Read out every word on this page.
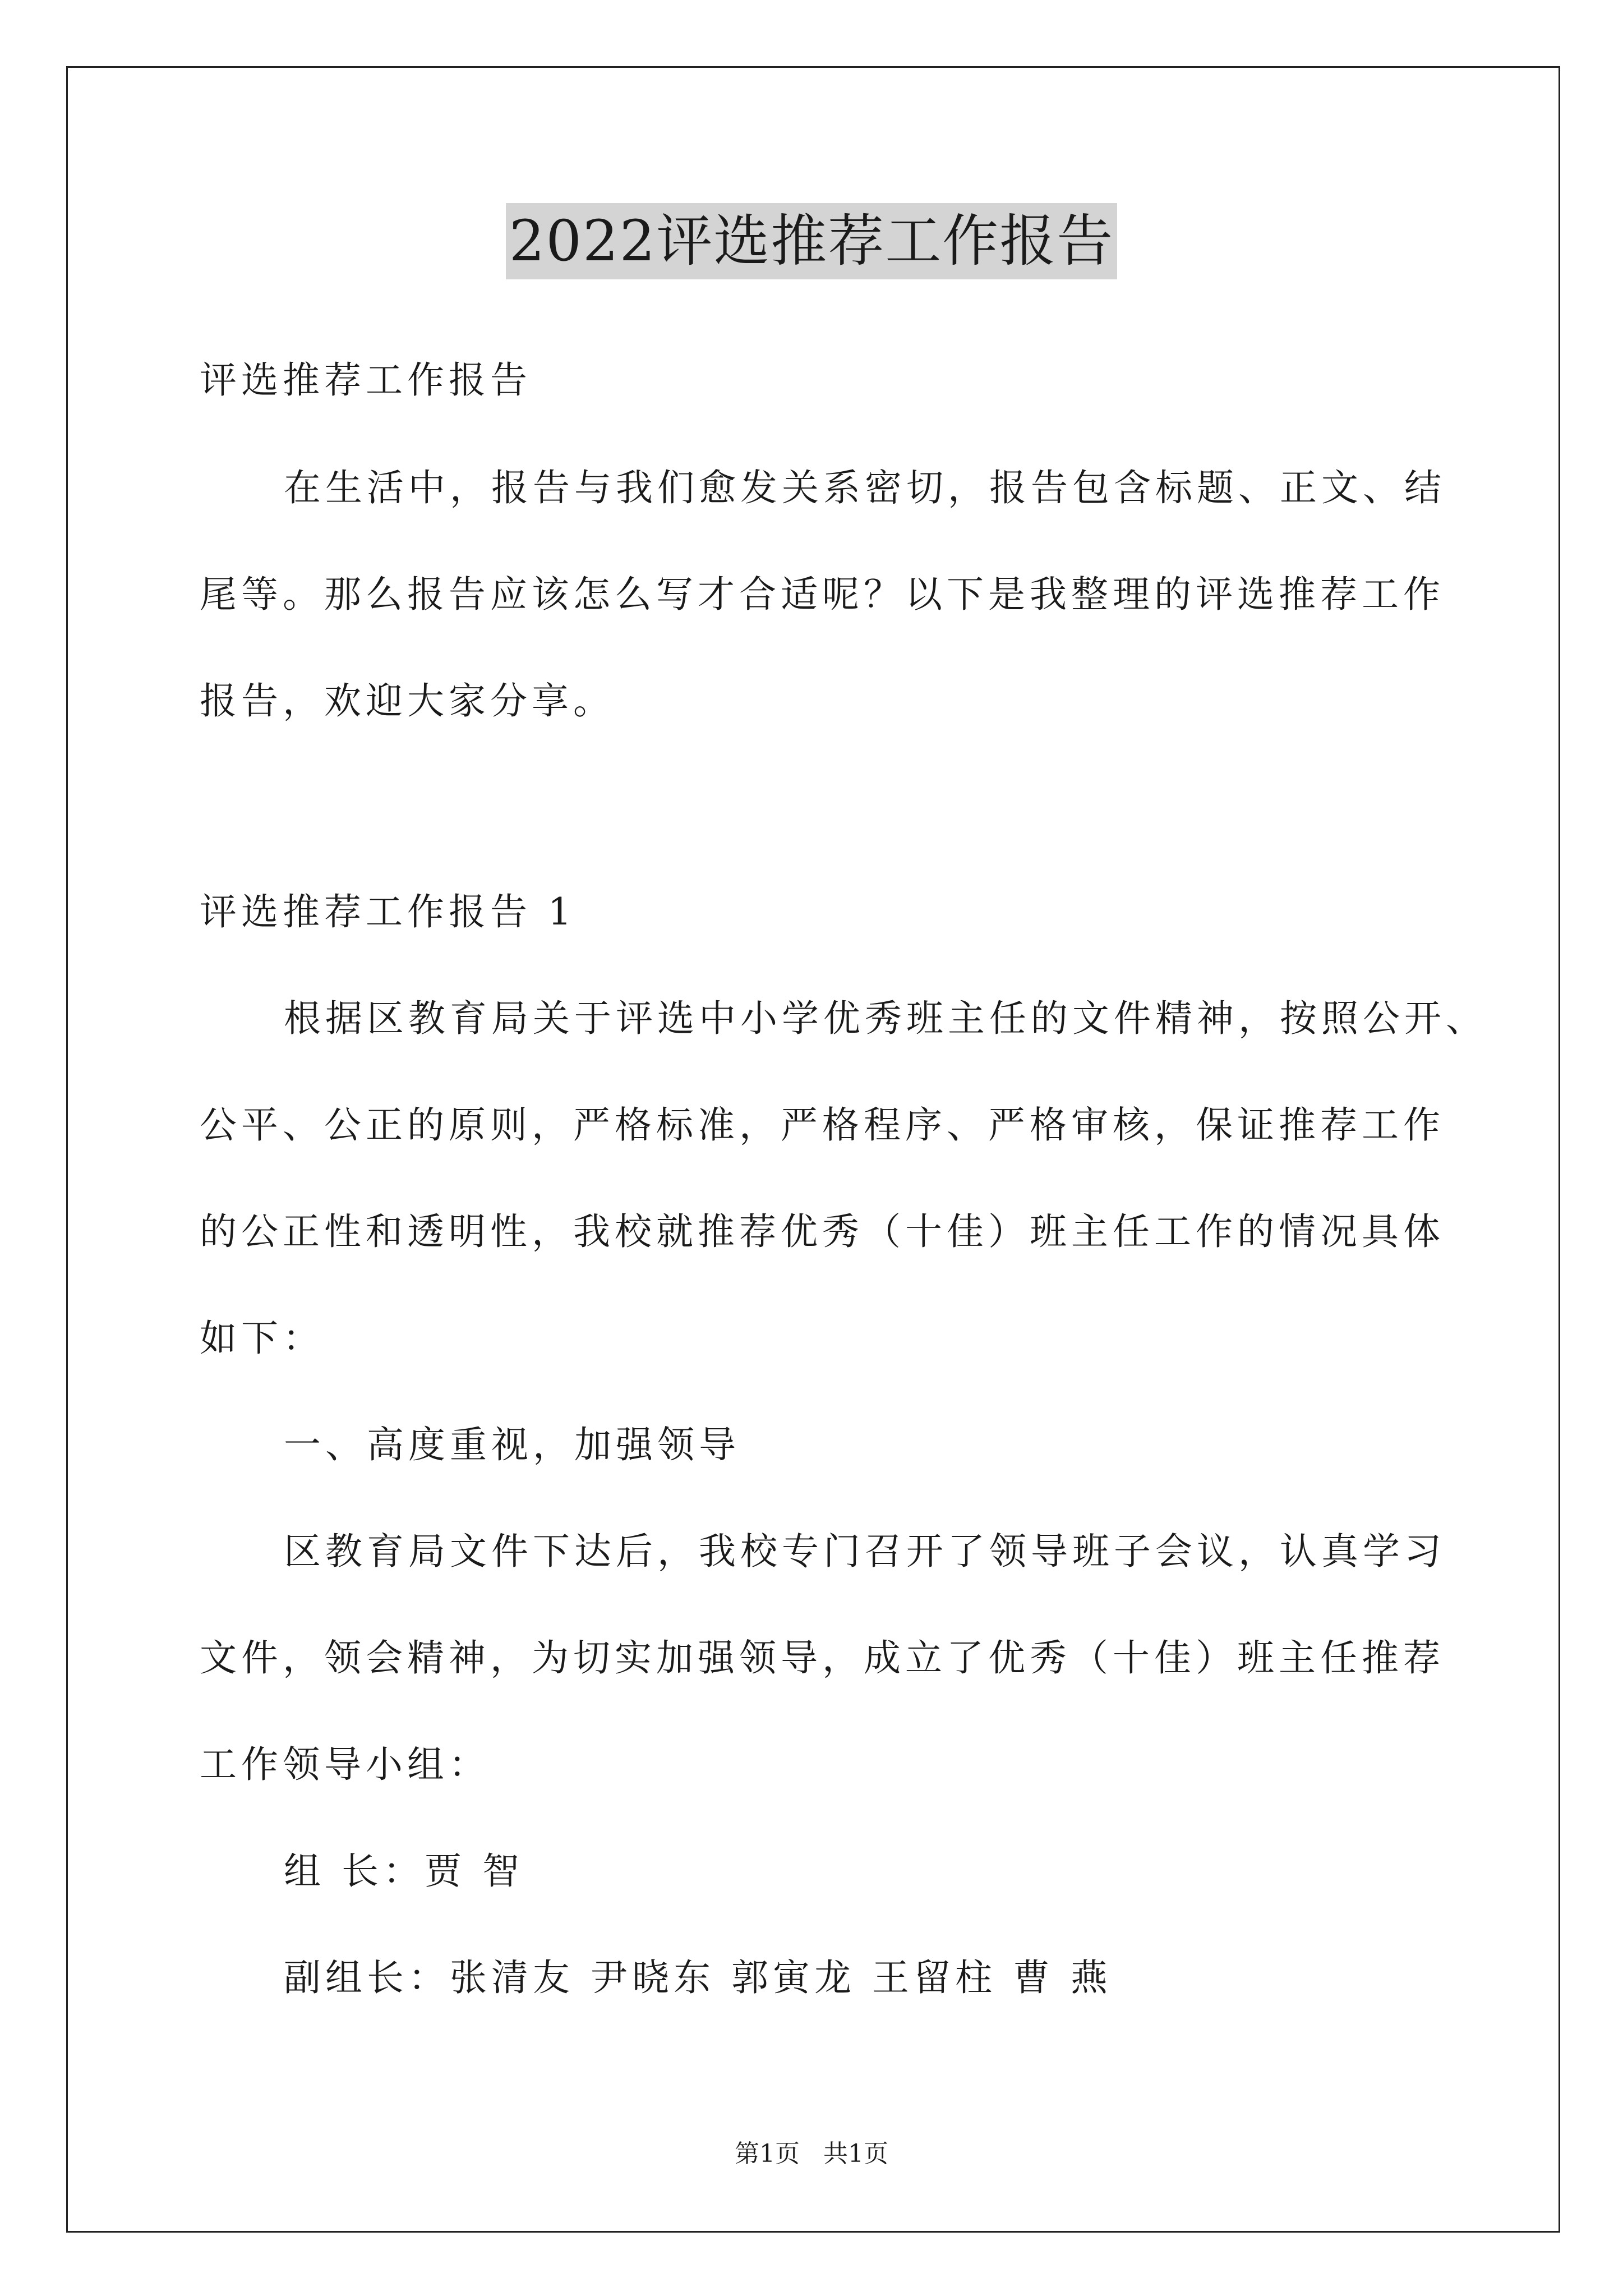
2022评选推荐工作报告

评选推荐工作报告

在生活中，报告与我们愈发关系密切，报告包含标题、正文、结

尾等。那么报告应该怎么写才合适呢？以下是我整理的评选推荐工作

报告，欢迎大家分享。

评选推荐工作报告 1

根据区教育局关于评选中小学优秀班主任的文件精神，按照公开、

公平、公正的原则，严格标准，严格程序、严格审核，保证推荐工作

的公正性和透明性，我校就推荐优秀（十佳）班主任工作的情况具体

如下：

一、高度重视，加强领导

区教育局文件下达后，我校专门召开了领导班子会议，认真学习

文件，领会精神，为切实加强领导，成立了优秀（十佳）班主任推荐

工作领导小组：

组 长：贾 智

副组长：张清友 尹晓东 郭寅龙 王留柱 曹 燕

第1页   共1页
